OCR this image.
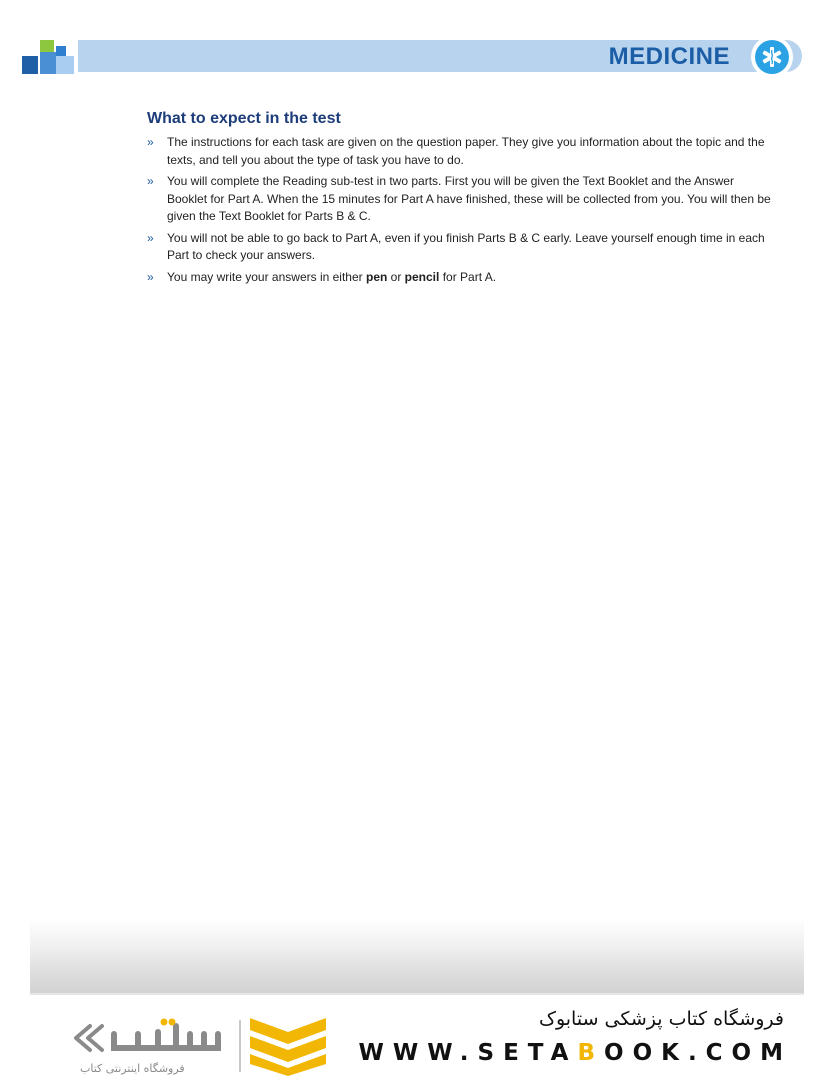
MEDICINE
What to expect in the test
» The instructions for each task are given on the question paper. They give you information about the topic and the texts, and tell you about the type of task you have to do.
» You will complete the Reading sub-test in two parts. First you will be given the Text Booklet and the Answer Booklet for Part A. When the 15 minutes for Part A have finished, these will be collected from you. You will then be given the Text Booklet for Parts B & C.
» You will not be able to go back to Part A, even if you finish Parts B & C early. Leave yourself enough time in each Part to check your answers.
» You may write your answers in either pen or pencil for Part A.
ستابوک
فروشگاه اینترنتی کتاب
فروشگاه کتاب پزشکی ستابوک
WWW.SETABOOK.COM
